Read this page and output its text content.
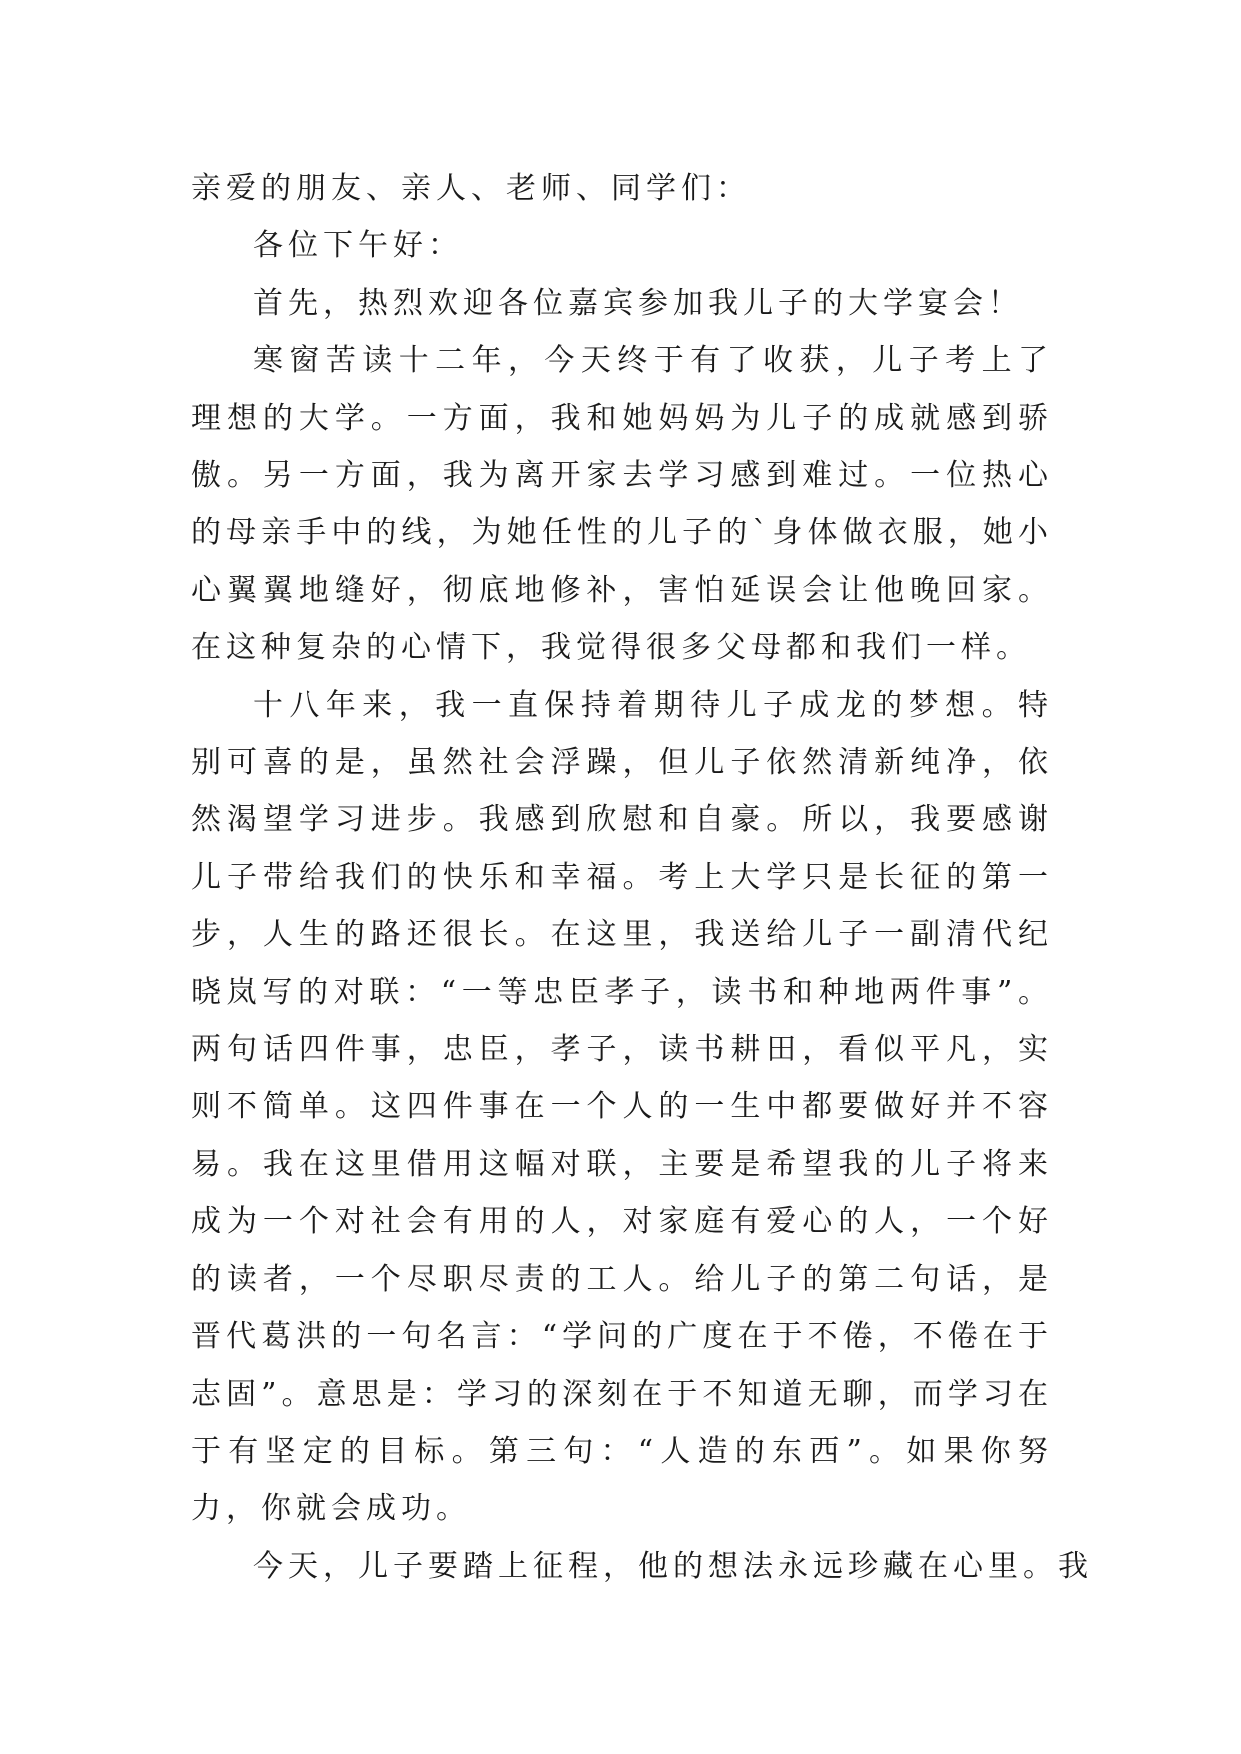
亲爱的朋友、亲人、老师、同学们：

各位下午好：

首先，热烈欢迎各位嘉宾参加我儿子的大学宴会！

寒窗苦读十二年，今天终于有了收获，儿子考上了理想的大学。一方面，我和她妈妈为儿子的成就感到骄傲。另一方面，我为离开家去学习感到难过。一位热心的母亲手中的线，为她任性的儿子的`身体做衣服，她小心翼翼地缝好，彻底地修补，害怕延误会让他晚回家。在这种复杂的心情下，我觉得很多父母都和我们一样。

十八年来，我一直保持着期待儿子成龙的梦想。特别可喜的是，虽然社会浮躁，但儿子依然清新纯净，依然渴望学习进步。我感到欣慰和自豪。所以，我要感谢儿子带给我们的快乐和幸福。考上大学只是长征的第一步，人生的路还很长。在这里，我送给儿子一副清代纪晓岚写的对联：“一等忠臣孝子，读书和种地两件事”。两句话四件事，忠臣，孝子，读书耕田，看似平凡，实则不简单。这四件事在一个人的一生中都要做好并不容易。我在这里借用这幅对联，主要是希望我的儿子将来成为一个对社会有用的人，对家庭有爱心的人，一个好的读者，一个尽职尽责的工人。给儿子的第二句话，是晋代葛洪的一句名言：“学问的广度在于不倦，不倦在于志固”。意思是：学习的深刻在于不知道无聊，而学习在于有坚定的目标。第三句：“人造的东西”。如果你努力，你就会成功。

今天，儿子要踏上征程，他的想法永远珍藏在心里。我
